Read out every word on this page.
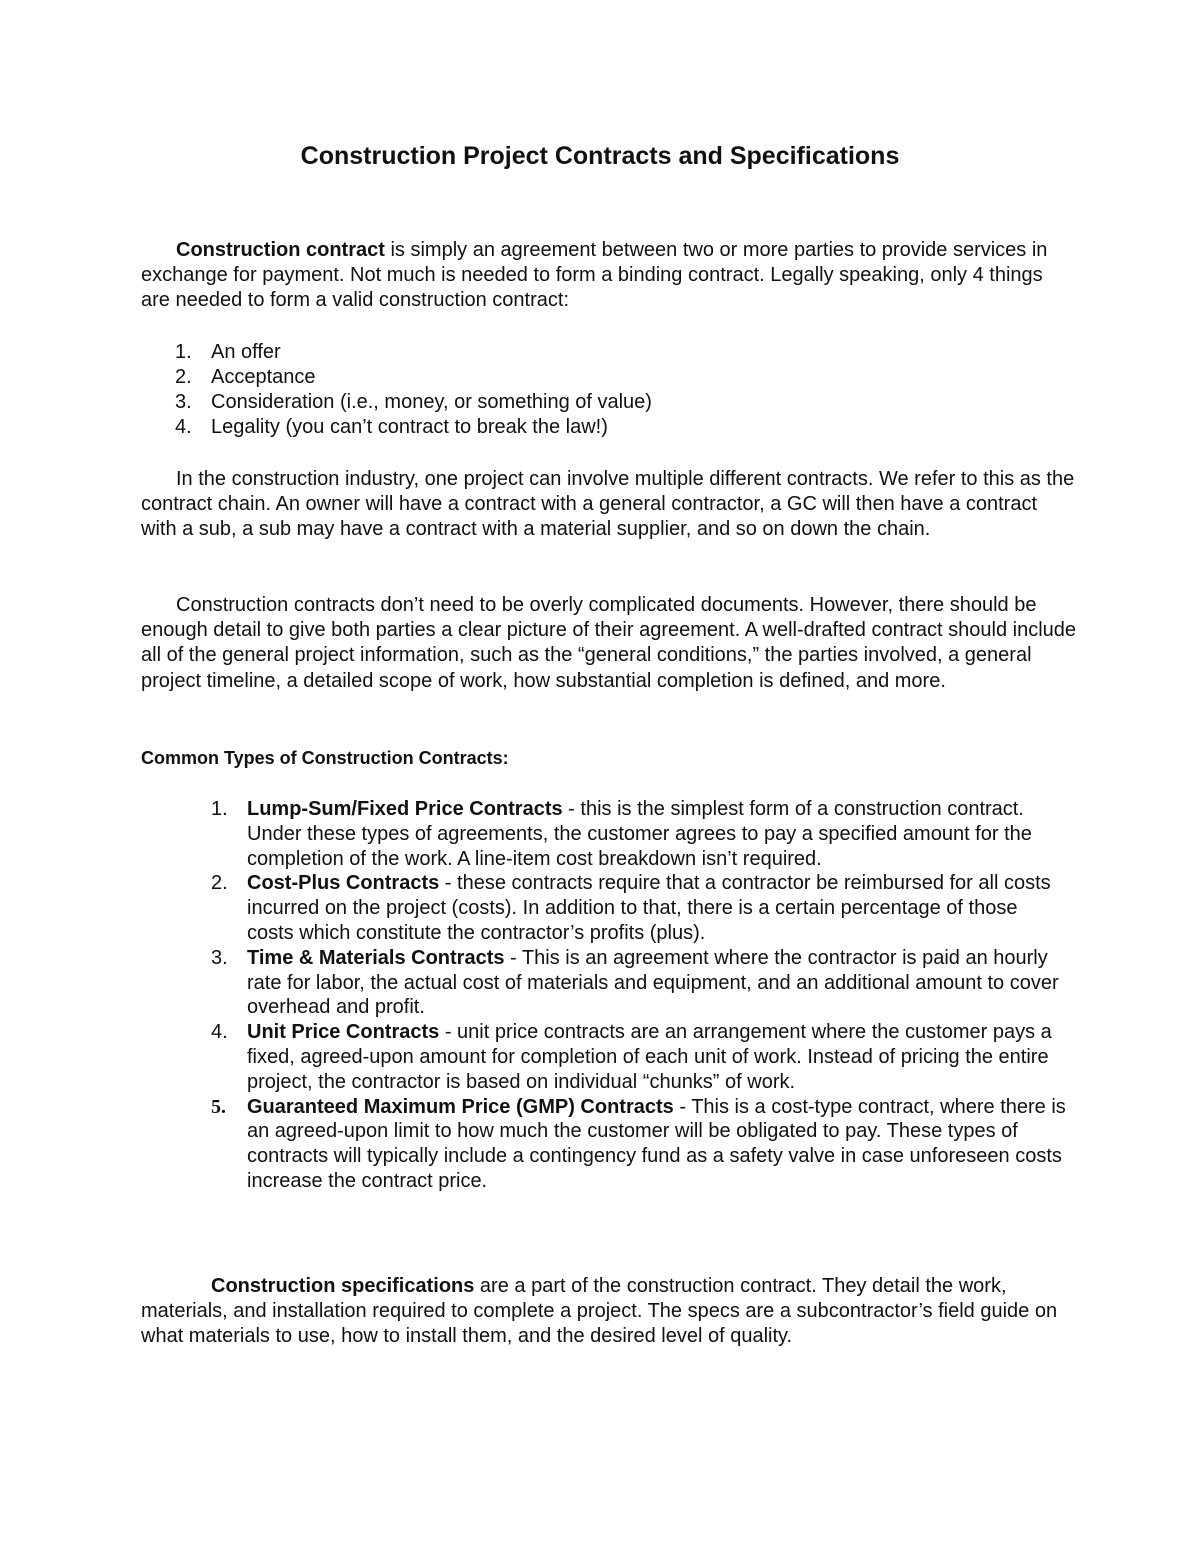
Construction Project Contracts and Specifications

Construction contract is simply an agreement between two or more parties to provide services in exchange for payment. Not much is needed to form a binding contract. Legally speaking, only 4 things are needed to form a valid construction contract:

1. An offer
2. Acceptance
3. Consideration (i.e., money, or something of value)
4. Legality (you can’t contract to break the law!)

In the construction industry, one project can involve multiple different contracts. We refer to this as the contract chain. An owner will have a contract with a general contractor, a GC will then have a contract with a sub, a sub may have a contract with a material supplier, and so on down the chain.

Construction contracts don’t need to be overly complicated documents. However, there should be enough detail to give both parties a clear picture of their agreement. A well-drafted contract should include all of the general project information, such as the “general conditions,” the parties involved, a general project timeline, a detailed scope of work, how substantial completion is defined, and more.

Common Types of Construction Contracts:
1. Lump-Sum/Fixed Price Contracts - this is the simplest form of a construction contract. Under these types of agreements, the customer agrees to pay a specified amount for the completion of the work. A line-item cost breakdown isn’t required.
2. Cost-Plus Contracts - these contracts require that a contractor be reimbursed for all costs incurred on the project (costs). In addition to that, there is a certain percentage of those costs which constitute the contractor’s profits (plus).
3. Time & Materials Contracts - This is an agreement where the contractor is paid an hourly rate for labor, the actual cost of materials and equipment, and an additional amount to cover overhead and profit.
4. Unit Price Contracts - unit price contracts are an arrangement where the customer pays a fixed, agreed-upon amount for completion of each unit of work. Instead of pricing the entire project, the contractor is based on individual “chunks” of work.
5.	Guaranteed Maximum Price (GMP) Contracts - This is a cost-type contract, where there is an agreed-upon limit to how much the customer will be obligated to pay. These types of contracts will typically include a contingency fund as a safety valve in case unforeseen costs increase the contract price.

Construction specifications are a part of the construction contract. They detail the work, materials, and installation required to complete a project. The specs are a subcontractor’s field guide on what materials to use, how to install them, and the desired level of quality.
